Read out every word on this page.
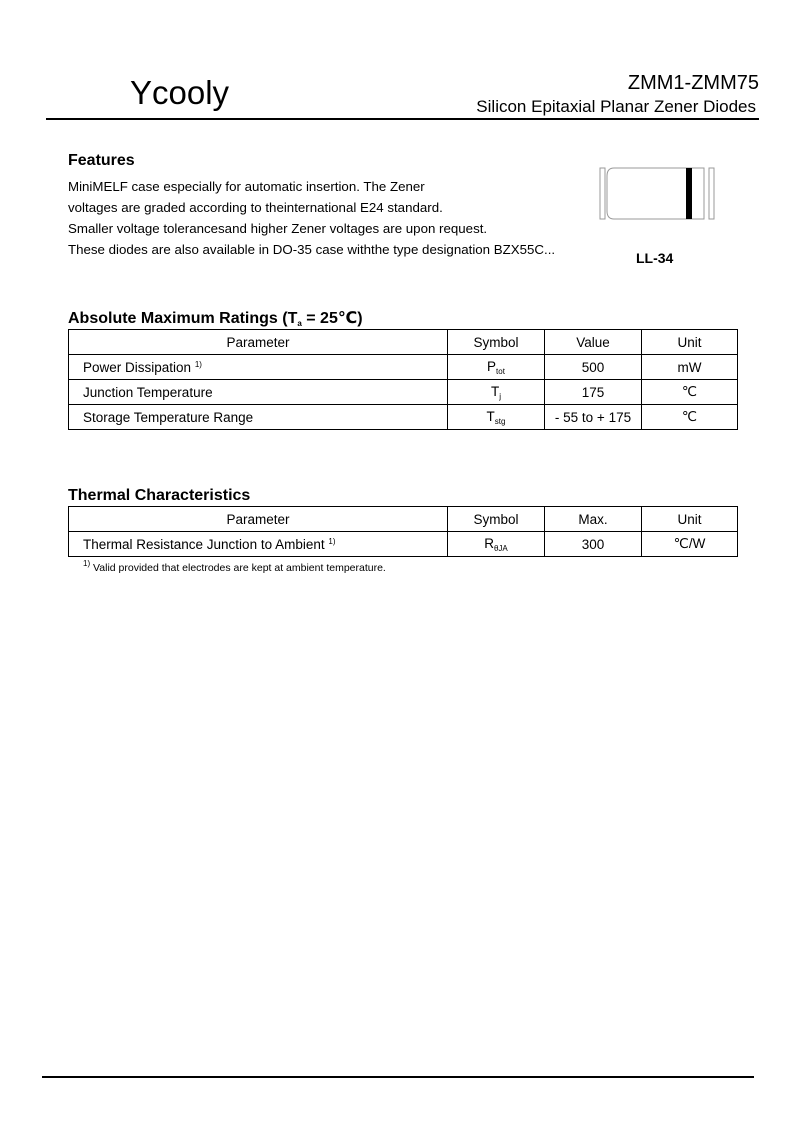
Ycooly	ZMM1-ZMM75
Silicon Epitaxial Planar Zener Diodes
Features
MiniMELF case especially for automatic insertion. The Zener
voltages are graded according to theinternational E24 standard.
Smaller voltage tolerancesand higher Zener voltages are upon request.
These diodes are also available in DO-35 case withthe type designation BZX55C...
LL-34
Absolute Maximum Ratings ($T_a$ = 25℃)
Parameter	Symbol	Value	Unit
Power Dissipation $^{1)}$	$P_{tot}$	500	mW
Junction Temperature	$T_j$	175	℃
Storage Temperature Range	$T_{stg}$	- 55 to + 175	℃
Thermal Characteristics
Parameter	Symbol	Max.	Unit
Thermal Resistance Junction to Ambient $^{1)}$	$R_{\theta JA}$	300	℃/W
$^{1)}$ Valid provided that electrodes are kept at ambient temperature.
